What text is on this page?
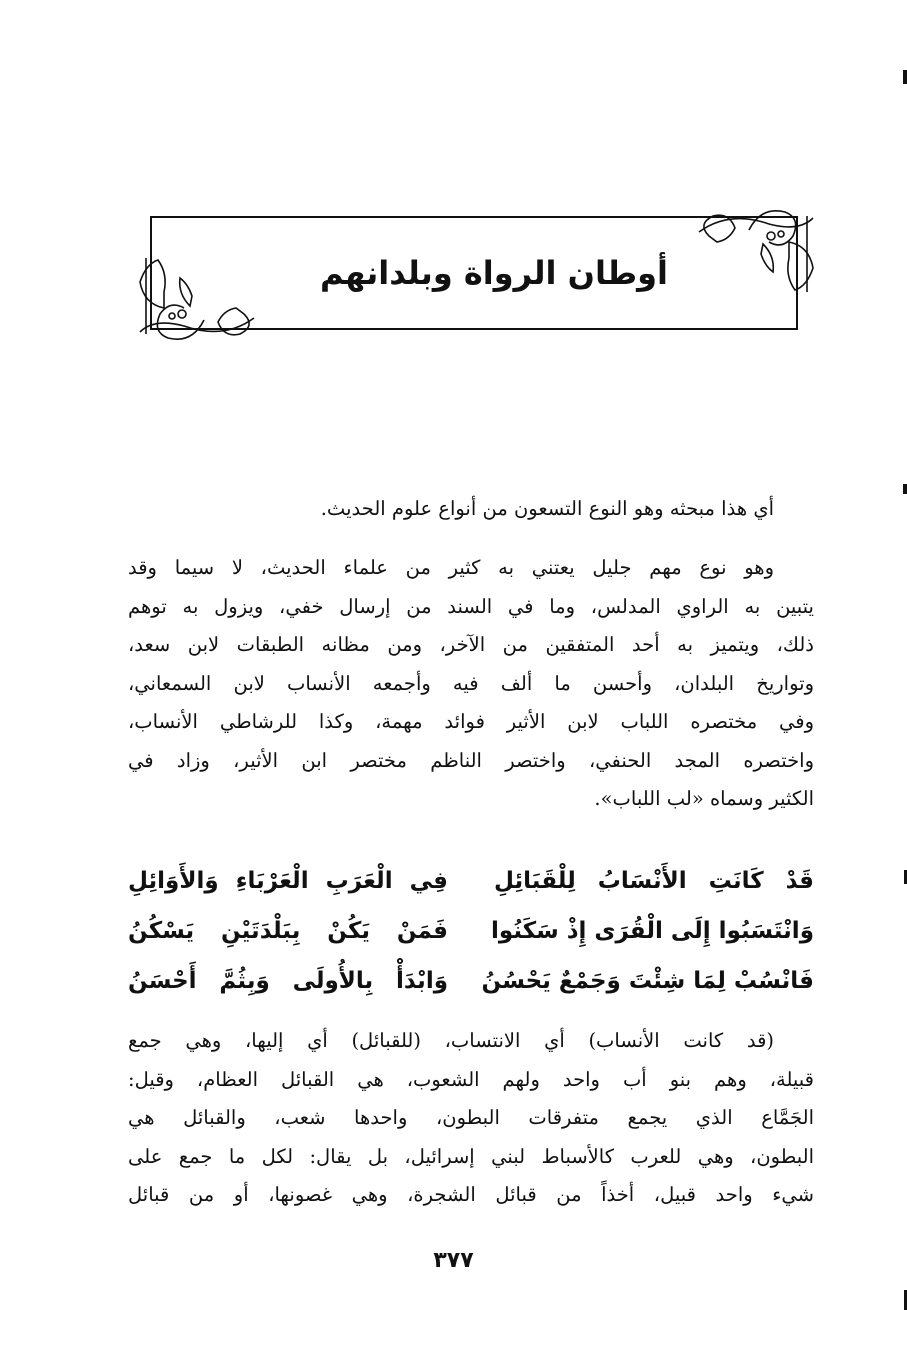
أوطان الرواة وبلدانهم
أي هذا مبحثه وهو النوع التسعون من أنواع علوم الحديث.
وهو نوع مهم جليل يعتني به كثير من علماء الحديث، لا سيما وقد
يتبين به الراوي المدلس، وما في السند من إرسال خفي، ويزول به توهم
ذلك، ويتميز به أحد المتفقين من الآخر، ومن مظانه الطبقات لابن سعد،
وتواريخ البلدان، وأحسن ما ألف فيه وأجمعه الأنساب لابن السمعاني،
وفي مختصره اللباب لابن الأثير فوائد مهمة، وكذا للرشاطي الأنساب،
واختصره المجد الحنفي، واختصر الناظم مختصر ابن الأثير، وزاد في
الكثير وسماه «لب اللباب».
قَدْ كَانَتِ الأَنْسَابُ لِلْقَبَائِلِ
فِي الْعَرَبِ الْعَرْبَاءِ وَالأَوَائِلِ
وَانْتَسَبُوا إِلَى الْقُرَى إِذْ سَكَنُوا
فَمَنْ يَكُنْ بِبَلْدَتَيْنِ يَسْكُنُ
فَانْسُبْ لِمَا شِئْتَ وَجَمْعٌ يَحْسُنُ
وَابْدَأْ بِالأُولَى وَبِثُمَّ أَحْسَنُ
(قد كانت الأنساب) أي الانتساب، (للقبائل) أي إليها، وهي جمع
قبيلة، وهم بنو أب واحد ولهم الشعوب، هي القبائل العظام، وقيل:
الجَمَّاع الذي يجمع متفرقات البطون، واحدها شعب، والقبائل هي
البطون، وهي للعرب كالأسباط لبني إسرائيل، بل يقال: لكل ما جمع على
شيء واحد قبيل، أخذاً من قبائل الشجرة، وهي غصونها، أو من قبائل
٣٧٧
